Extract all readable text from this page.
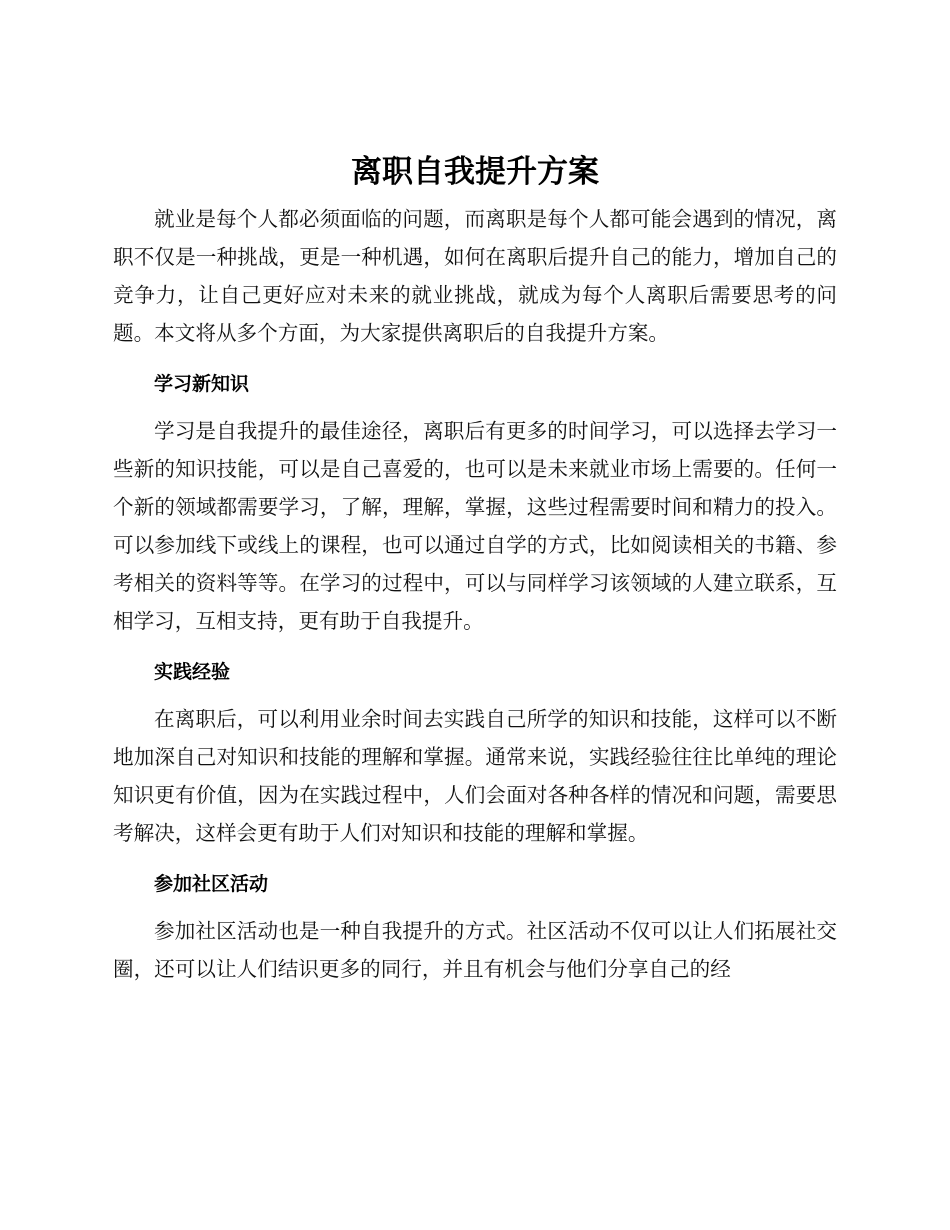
离职自我提升方案

就业是每个人都必须面临的问题，而离职是每个人都可能会遇到的情况，离职不仅是一种挑战，更是一种机遇，如何在离职后提升自己的能力，增加自己的竞争力，让自己更好应对未来的就业挑战，就成为每个人离职后需要思考的问题。本文将从多个方面，为大家提供离职后的自我提升方案。

学习新知识

学习是自我提升的最佳途径，离职后有更多的时间学习，可以选择去学习一些新的知识技能，可以是自己喜爱的，也可以是未来就业市场上需要的。任何一个新的领域都需要学习，了解，理解，掌握，这些过程需要时间和精力的投入。可以参加线下或线上的课程，也可以通过自学的方式，比如阅读相关的书籍、参考相关的资料等等。在学习的过程中，可以与同样学习该领域的人建立联系，互相学习，互相支持，更有助于自我提升。

实践经验

在离职后，可以利用业余时间去实践自己所学的知识和技能，这样可以不断地加深自己对知识和技能的理解和掌握。通常来说，实践经验往往比单纯的理论知识更有价值，因为在实践过程中，人们会面对各种各样的情况和问题，需要思考解决，这样会更有助于人们对知识和技能的理解和掌握。

参加社区活动

参加社区活动也是一种自我提升的方式。社区活动不仅可以让人们拓展社交圈，还可以让人们结识更多的同行，并且有机会与他们分享自己的经
